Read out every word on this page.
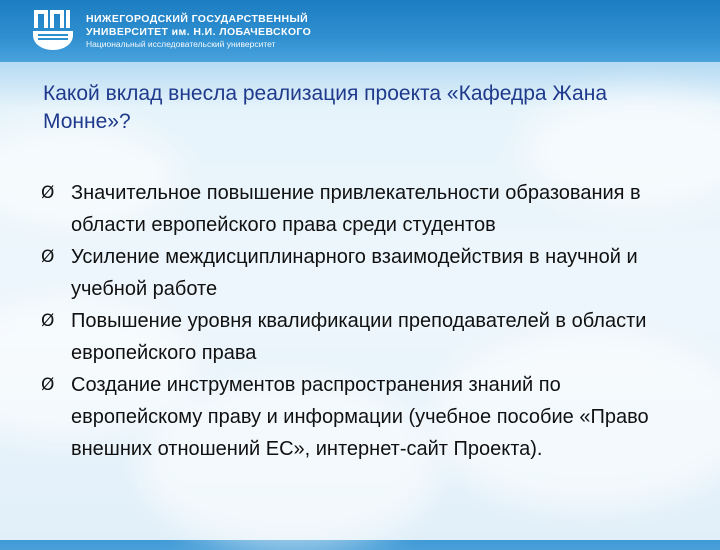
НИЖЕГОРОДСКИЙ ГОСУДАРСТВЕННЫЙ
УНИВЕРСИТЕТ им. Н.И. ЛОБАЧЕВСКОГО
Национальный исследовательский университет
Какой вклад внесла реализация проекта «Кафедра Жана Монне»?
Ø Значительное повышение привлекательности образования в области европейского права среди студентов
Ø Усиление междисциплинарного взаимодействия в научной и учебной работе
Ø Повышение уровня квалификации преподавателей в области европейского права
Ø Создание инструментов распространения знаний по европейскому праву и информации (учебное пособие «Право внешних отношений ЕС», интернет-сайт Проекта).
